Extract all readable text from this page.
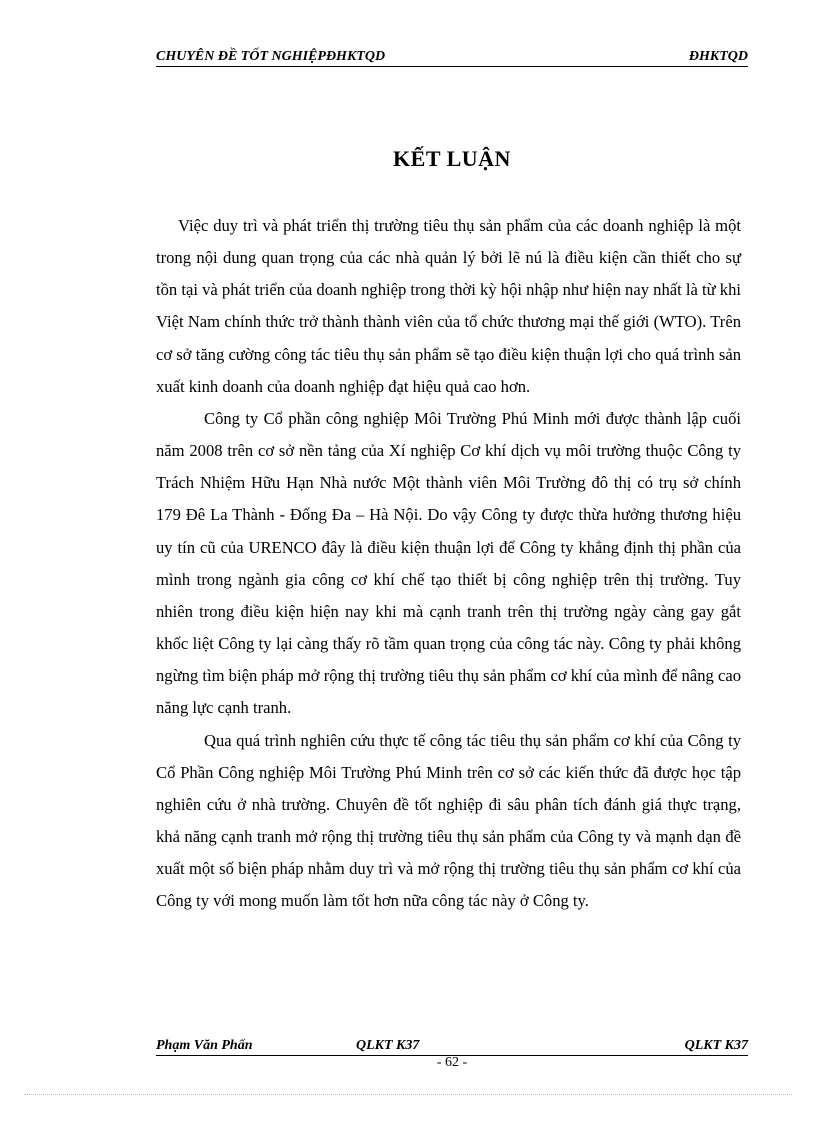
CHUYÊN ĐỀ TỐT NGHIỆPĐHKTQD	ĐHKTQD
KẾT LUẬN

Việc duy trì và phát triển thị trường tiêu thụ sản phẩm của các doanh nghiệp là một trong nội dung quan trọng của các nhà quản lý bởi lẽ nú là điều kiện cần thiết cho sự tồn tại và phát triển của doanh nghiệp trong thời kỳ hội nhập như hiện nay nhất là từ khi Việt Nam chính thức trở thành thành viên của tổ chức thương mại thế giới (WTO). Trên cơ sở tăng cường công tác tiêu thụ sản phẩm sẽ tạo điều kiện thuận lợi cho quá trình sản xuất kinh doanh của doanh nghiệp đạt hiệu quả cao hơn.

Công ty Cổ phần công nghiệp Môi Trường Phú Minh mới được thành lập cuối năm 2008 trên cơ sở nền tảng của Xí nghiệp Cơ khí dịch vụ môi trường thuộc Công ty Trách Nhiệm Hữu Hạn Nhà nước Một thành viên Môi Trường đô thị có trụ sở chính 179 Đê La Thành - Đống Đa – Hà Nội. Do vậy Công ty được thừa hưởng thương hiệu uy tín cũ của URENCO đây là điều kiện thuận lợi để Công ty khẳng định thị phần của mình trong ngành gia công cơ khí chế tạo thiết bị công nghiệp trên thị trường. Tuy nhiên trong điều kiện hiện nay khi mà cạnh tranh trên thị trường ngày càng gay gắt khốc liệt Công ty lại càng thấy rõ tầm quan trọng của công tác này. Công ty phải không ngừng tìm biện pháp mở rộng thị trường tiêu thụ sản phẩm cơ khí của mình để nâng cao năng lực cạnh tranh.

Qua quá trình nghiên cứu thực tế công tác tiêu thụ sản phẩm cơ khí của Công ty Cổ Phần Công nghiệp Môi Trường Phú Minh trên cơ sở các kiến thức đã được học tập nghiên cứu ở nhà trường. Chuyên đề tốt nghiệp đi sâu phân tích đánh giá thực trạng, khả năng cạnh tranh mở rộng thị trường tiêu thụ sản phẩm của Công ty và mạnh dạn đề xuất một số biện pháp nhằm duy trì và mở rộng thị trường tiêu thụ sản phẩm cơ khí của Công ty với mong muốn làm tốt hơn nữa công tác này ở Công ty.

Phạm Văn Phấn	QLKT K37	QLKT K37
- 62 -
